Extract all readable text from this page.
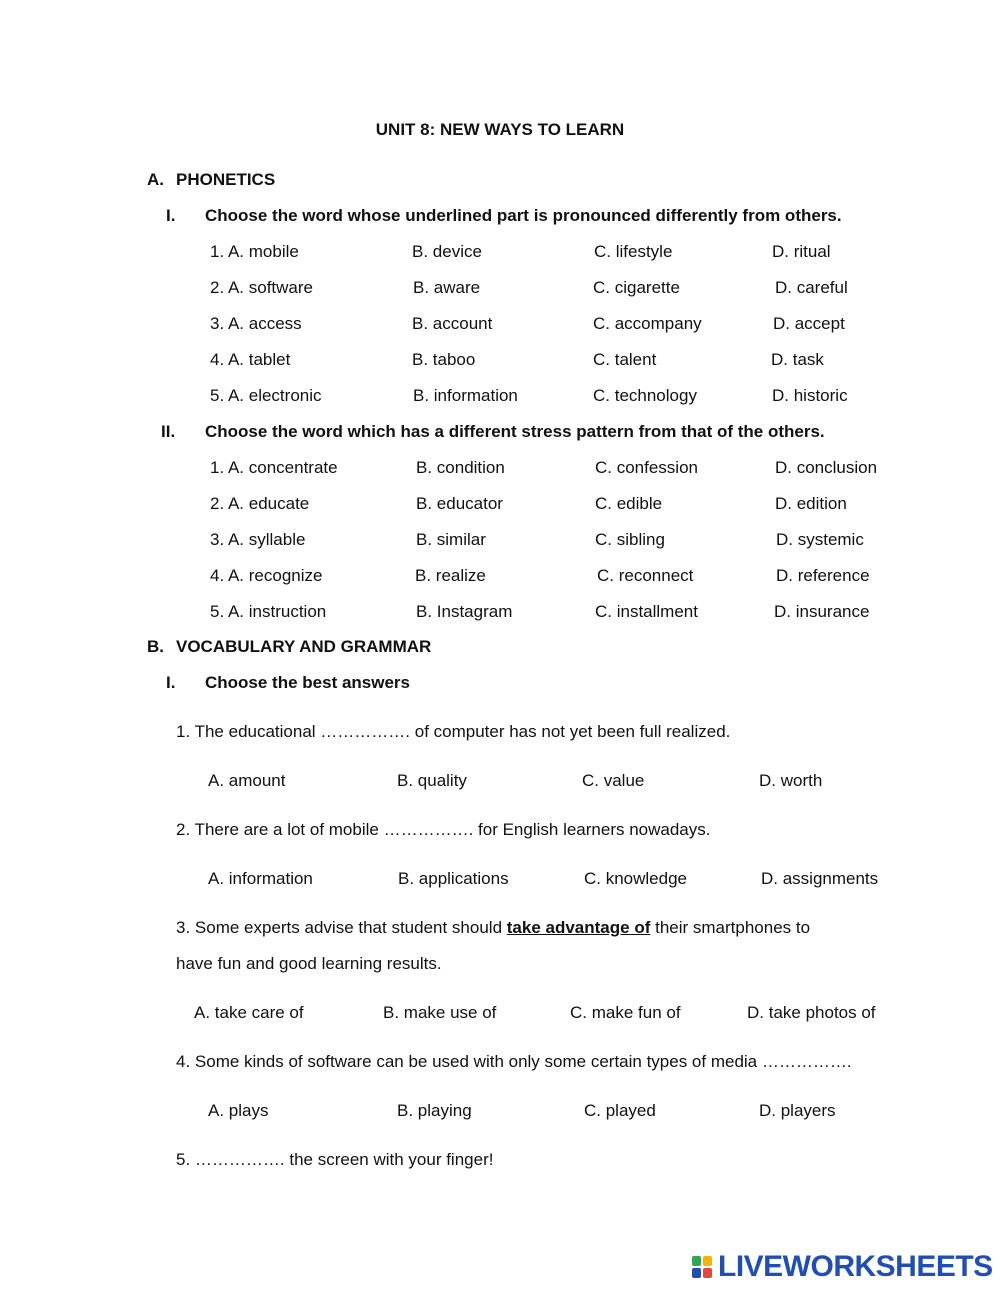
UNIT 8: NEW WAYS TO LEARN
A. PHONETICS
I. Choose the word whose underlined part is pronounced differently from others.
1. A. mobile	B. device	C. lifestyle	D. ritual
2. A. software	B. aware	C. cigarette	D. careful
3. A. access	B. account	C. accompany	D. accept
4. A. tablet	B. taboo	C. talent	D. task
5. A. electronic	B. information	C. technology	D. historic
II. Choose the word which has a different stress pattern from that of the others.
1. A. concentrate	B. condition	C. confession	D. conclusion
2. A. educate	B. educator	C. edible	D. edition
3. A. syllable	B. similar	C. sibling	D. systemic
4. A. recognize	B. realize	C. reconnect	D. reference
5. A. instruction	B. Instagram	C. installment	D. insurance
B. VOCABULARY AND GRAMMAR
I. Choose the best answers
1. The educational ……………. of computer has not yet been full realized.
A. amount	B. quality	C. value	D. worth
2. There are a lot of mobile ……………. for English learners nowadays.
A. information	B. applications	C. knowledge	D. assignments
3. Some experts advise that student should take advantage of their smartphones to
have fun and good learning results.
A. take care of	B. make use of	C. make fun of	D. take photos of
4. Some kinds of software can be used with only some certain types of media …………….
A. plays	B. playing	C. played	D. players
5. ……………. the screen with your finger!
LIVEWORKSHEETS
